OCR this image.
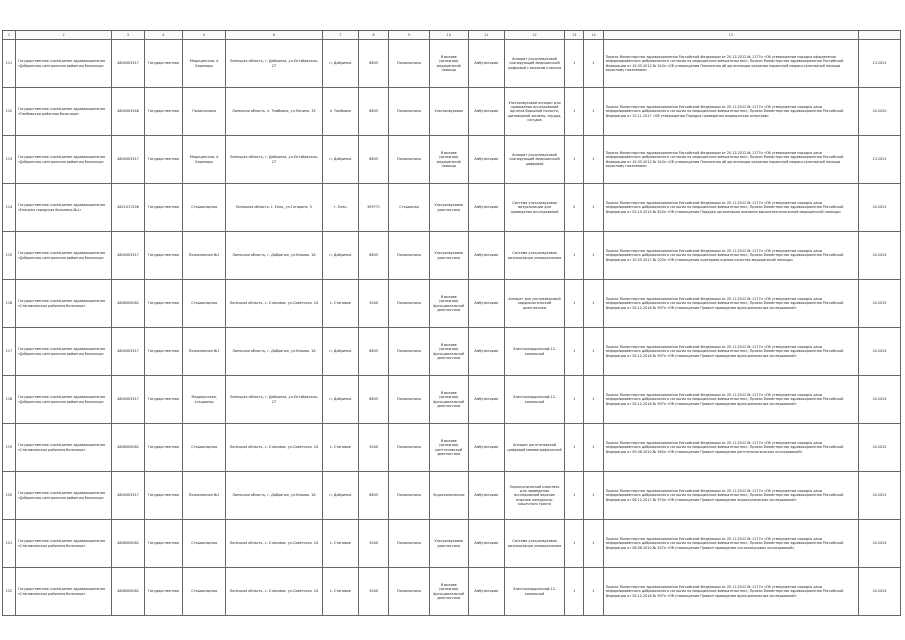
1	2	3	4	5	6	7	8	9	10	11	12	13	14	15	
111	Государственное учреждение здравоохранения «Добрянская центральная районная больница»	4804003317	Государственная	Медицинская, в Бараноры	Липецкая область, г. Добринка, ул.Октябрьская, 27	п. Добринка	8835	Поликлиника	В вызове (оказании) медицинской помощи	Амбулатория	Аппарат ультразвуковой сканирующий медицинский цифровой с высоким классом	1	1	Приказ Министерства здравоохранения Российской Федерации от 20.12.2012 № 1177н «Об утверждении порядка оформления информированного добровольного согласия на медицинское вмешательство»; Приказ Министерства здравоохранения Российской Федерации от 15.05.2012 № 543н «Об утверждении Положения об организации оказания первичной медико-санитарной помощи взрослому населению»	13.2021
112	Государственное учреждение здравоохранения «Тамбовская районная больница»	4804003348	Государственная	Поликлиника	Липецкая область, п. Тамбовка, ул.Ленина, 32	п. Тамбовка	8835	Поликлиника	Ультразвуковая	Амбулатория	Ультразвуковой аппарат для проведения исследований органов брюшной полости, щитовидной железы, сердца, сосудов	1	1	Приказ Министерства здравоохранения Российской Федерации от 20.12.2012 № 1177н «Об утверждении порядка дачи информированного добровольного согласия на медицинское вмешательство»; Приказ Министерства здравоохранения Российской Федерации от 15.11.2017 «Об утверждении Порядка проведения медицинских осмотров»	10.2020
113	Государственное учреждение здравоохранения «Добрянская центральная районная больница»	4804003317	Государственная	Медицинская, в Бараноры	Липецкая область, г. Добринка, ул.Октябрьская, 27	п. Добринка	8835	Поликлиника	В вызове (оказании) медицинской помощи	Амбулатория	Аппарат ультразвуковой сканирующий медицинский цифровой	1	1	Приказ Министерства здравоохранения Российской Федерации от 20.12.2012 № 1177н «Об утверждении порядка дачи информированного добровольного согласия на медицинское вмешательство»; Приказ Министерства здравоохранения Российской Федерации от 15.05.2012 № 543н «Об утверждении Положения об организации оказания первичной медико-санитарной помощи взрослому населению»	13.2021
114	Государственное учреждение здравоохранения «Елецкая городская больница №1»	4821017256	Государственная	Стационарная	Липецкая область, г. Елец, ул.Гагарина, 5	г. Елец	399771	Стационар	Ультразвуковая диагностика	Амбулатория	Система ультразвуковая визуализации для проведения исследований	2	1	Приказ Министерства здравоохранения Российской Федерации от 20.12.2012 № 1177н «Об утверждении порядка дачи информированного добровольного согласия на медицинское вмешательство»; Приказ Министерства здравоохранения Российской Федерации от 02.10.2019 № 824н «Об утверждении Порядка организации оказания высокотехнологичной медицинской помощи»	10.2021
115	Государственное учреждение здравоохранения «Добрянская центральная районная больница»	4804003317	Государственная	Поликлиника №2	Липецкая область, г. Добринка, ул.Кирова, 18	п. Добринка	8835	Поликлиника	Ультразвуковая диагностика	Амбулатория	Система ультразвуковая визуализации универсальная	1	1	Приказ Министерства здравоохранения Российской Федерации от 20.12.2012 № 1177н «Об утверждении порядка дачи информированного добровольного согласия на медицинское вмешательство»; Приказ Министерства здравоохранения Российской Федерации от 10.05.2017 № 203н «Об утверждении критериев оценки качества медицинской помощи»	10.2024
116	Государственное учреждение здравоохранения «Становлянская районная больница»	4808000082	Государственная	Стационарная	Липецкая область, с. Становое, ул.Советская, 24	с. Становое	3040	Поликлиника	В вызове (оказании) функциональной диагностики	Амбулатория	Аппарат для ультразвуковой кардиологической диагностики	1	1	Приказ Министерства здравоохранения Российской Федерации от 20.12.2012 № 1177н «Об утверждении порядка дачи информированного добровольного согласия на медицинское вмешательство»; Приказ Министерства здравоохранения Российской Федерации от 26.12.2016 № 997н «Об утверждении Правил проведения функциональных исследований»	10.2025
117	Государственное учреждение здравоохранения «Добрянская центральная районная больница»	4804003317	Государственная	Поликлиника №1	Липецкая область, г. Добринка, ул.Кирова, 18	п. Добринка	8835	Поликлиника	В вызове (оказании) функциональной диагностики	Амбулатория	Электрокардиограф 12-канальный	1	1	Приказ Министерства здравоохранения Российской Федерации от 20.12.2012 № 1177н «Об утверждении порядка дачи информированного добровольного согласия на медицинское вмешательство»; Приказ Министерства здравоохранения Российской Федерации от 26.12.2016 № 997н «Об утверждении Правил проведения функциональных исследований»	10.2024
118	Государственное учреждение здравоохранения «Добрянская центральная районная больница»	4804003317	Государственная	Медицинская, стационар	Липецкая область, г. Добринка, ул.Октябрьская, 27	п. Добринка	8835	Поликлиника	В вызове (оказании) функциональной диагностики	Амбулатория	Электрокардиограф 12-канальный	1	1	Приказ Министерства здравоохранения Российской Федерации от 20.12.2012 № 1177н «Об утверждении порядка дачи информированного добровольного согласия на медицинское вмешательство»; Приказ Министерства здравоохранения Российской Федерации от 26.12.2016 № 997н «Об утверждении Правил проведения функциональных исследований»	10.2024
119	Государственное учреждение здравоохранения «Становлянская районная больница»	4808000082	Государственная	Стационарная	Липецкая область, с. Становое, ул.Советская, 24	с. Становое	3040	Поликлиника	В вызове (оказании) рентгеновской диагностики	Амбулатория	Аппарат рентгеновский цифровой маммографический	1	1	Приказ Министерства здравоохранения Российской Федерации от 20.12.2012 № 1177н «Об утверждении порядка дачи информированного добровольного согласия на медицинское вмешательство»; Приказ Министерства здравоохранения Российской Федерации от 09.06.2020 № 560н «Об утверждении Правил проведения рентгенологических исследований»	10.2022
120	Государственное учреждение здравоохранения «Добрянская центральная районная больница»	4804003317	Государственная	Поликлиника №2	Липецкая область, г. Добринка, ул.Кирова, 18	п. Добринка	8835	Поликлиника	Эндоскопическая	Амбулатория	Эндоскопический комплекс для проведения исследований верхних отделов желудочно-кишечного тракта	1	1	Приказ Министерства здравоохранения Российской Федерации от 20.12.2012 № 1177н «Об утверждении порядка дачи информированного добровольного согласия на медицинское вмешательство»; Приказ Министерства здравоохранения Российской Федерации от 06.12.2017 № 974н «Об утверждении Правил проведения эндоскопических исследований»	10.2021
121	Государственное учреждение здравоохранения «Становлянская районная больница»	4808000082	Государственная	Стационарная	Липецкая область, с. Становое, ул.Советская, 24	с. Становое	3040	Поликлиника	Ультразвуковая диагностика	Амбулатория	Система ультразвуковая визуализации универсальная	1	1	Приказ Министерства здравоохранения Российской Федерации от 20.12.2012 № 1177н «Об утверждении порядка дачи информированного добровольного согласия на медицинское вмешательство»; Приказ Министерства здравоохранения Российской Федерации от 08.06.2020 № 557н «Об утверждении Правил проведения ультразвуковых исследований»	10.2024
122	Государственное учреждение здравоохранения «Становлянская районная больница»	4808000082	Государственная	Стационарная	Липецкая область, с. Становое, ул.Советская, 24	с. Становое	3040	Поликлиника	В вызове (оказании) функциональной диагностики	Амбулатория	Электрокардиограф 12-канальный	1	1	Приказ Министерства здравоохранения Российской Федерации от 20.12.2012 № 1177н «Об утверждении порядка дачи информированного добровольного согласия на медицинское вмешательство»; Приказ Министерства здравоохранения Российской Федерации от 26.12.2016 № 997н «Об утверждении Правил проведения функциональных исследований»	10.2024
